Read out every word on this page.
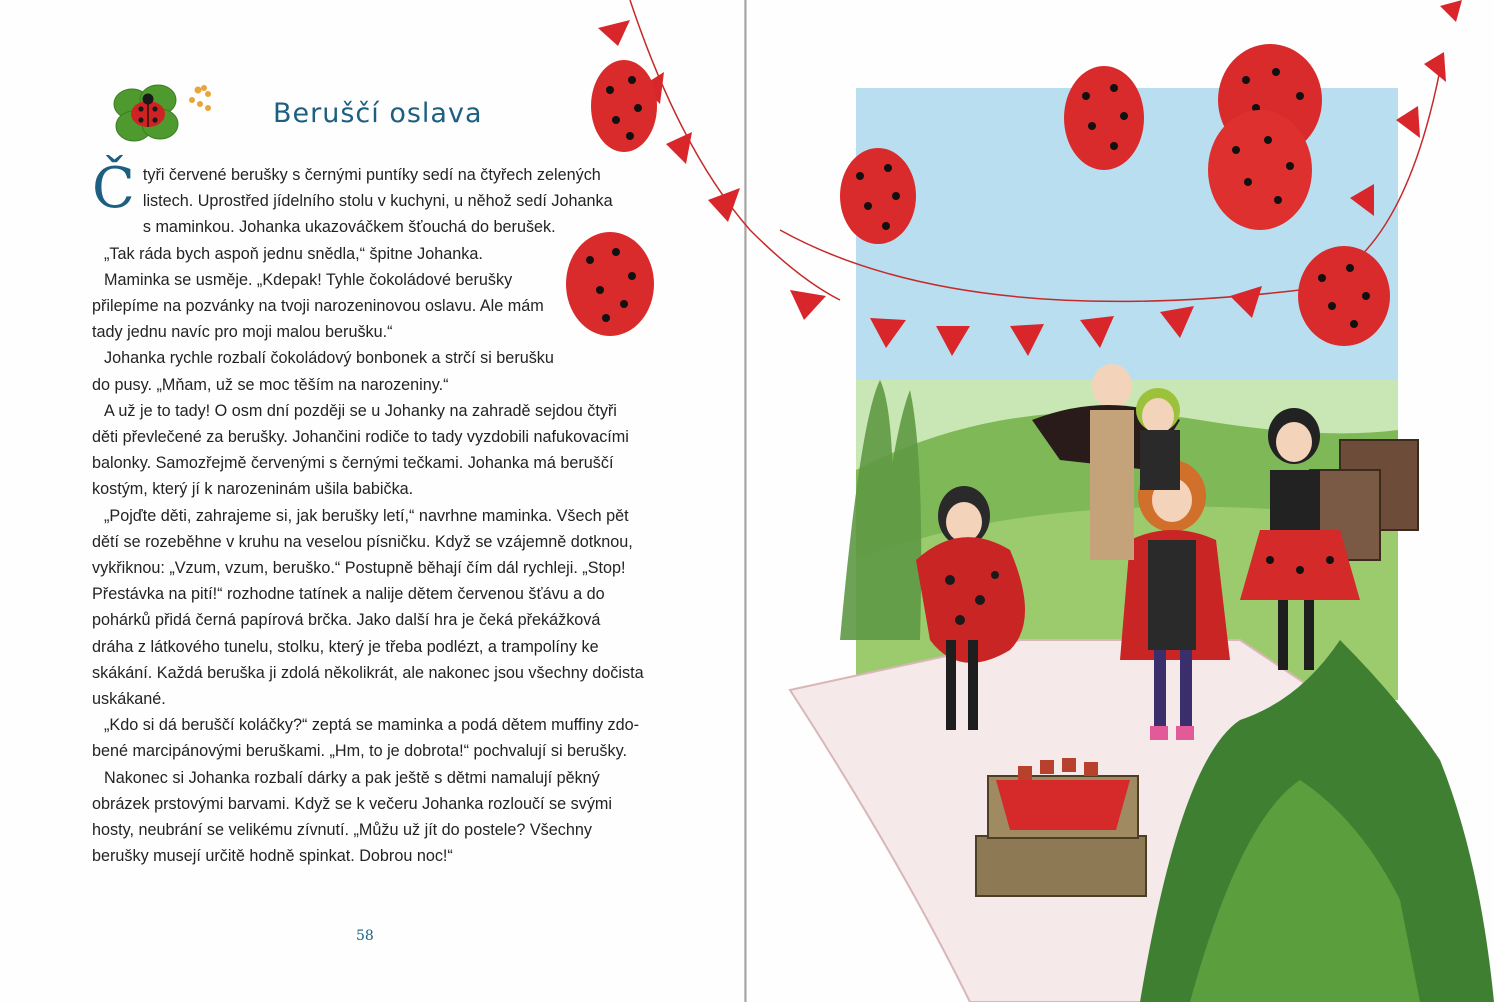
Beruščí oslava

Č tyři červené berušky s černými puntíky sedí na čtyřech zelených
listech. Uprostřed jídelního stolu v kuchyni, u něhož sedí Johanka
s maminkou. Johanka ukazováčkem šťouchá do berušek.

„Tak ráda bych aspoň jednu snědla,“ špitne Johanka.

Maminka se usměje. „Kdepak! Tyhle čokoládové berušky
přilepíme na pozvánky na tvoji narozeninovou oslavu. Ale mám
tady jednu navíc pro moji malou berušku.“

Johanka rychle rozbalí čokoládový bonbonek a strčí si berušku
do pusy. „Mňam, už se moc těším na narozeniny.“

A už je to tady! O osm dní později se u Johanky na zahradě sejdou čtyři
děti převlečené za berušky. Johančini rodiče to tady vyzdobili nafukovacími
balonky. Samozřejmě červenými s černými tečkami. Johanka má beruščí
kostým, který jí k narozeninám ušila babička.

„Pojďte děti, zahrajeme si, jak berušky letí,“ navrhne maminka. Všech pět
dětí se rozeběhne v kruhu na veselou písničku. Když se vzájemně dotknou,
vykřiknou: „Vzum, vzum, beruško.“ Postupně běhají čím dál rychleji. „Stop!
Přestávka na pití!“ rozhodne tatínek a nalije dětem červenou šťávu a do
pohárků přidá černá papírová brčka. Jako další hra je čeká překážková
dráha z látkového tunelu, stolku, který je třeba podlézt, a trampolíny ke
skákání. Každá beruška ji zdolá několikrát, ale nakonec jsou všechny dočista
uskákané.

„Kdo si dá beruščí koláčky?“ zeptá se maminka a podá dětem muffiny zdo-
bené marcipánovými beruškami. „Hm, to je dobrota!“ pochvalují si berušky.

Nakonec si Johanka rozbalí dárky a pak ještě s dětmi namalují pěkný
obrázek prstovými barvami. Když se k večeru Johanka rozloučí se svými
hosty, neubrání se velikému zívnutí. „Můžu už jít do postele? Všechny
berušky musejí určitě hodně spinkat. Dobrou noc!“

58
